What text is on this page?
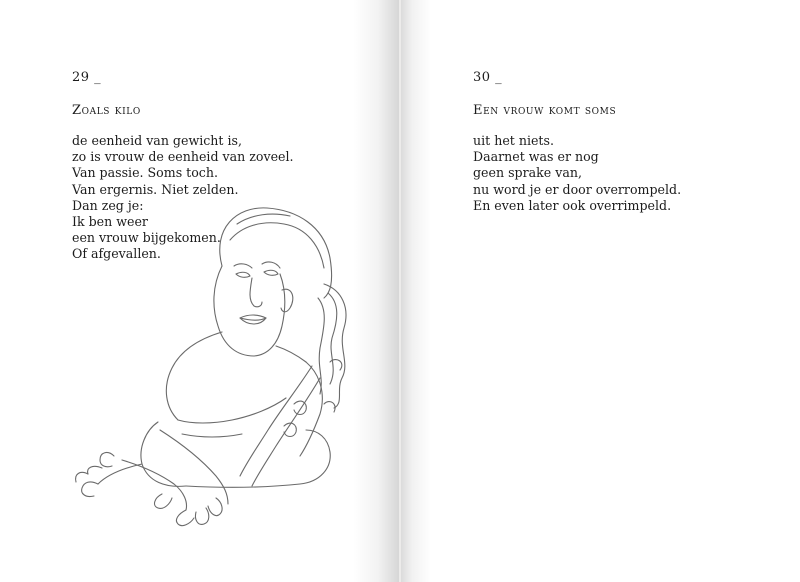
29 _
Zoals kilo
de eenheid van gewicht is,
zo is vrouw de eenheid van zoveel.
Van passie. Soms toch.
Van ergernis. Niet zelden.
Dan zeg je:
Ik ben weer
een vrouw bijgekomen.
Of afgevallen.
30 _
Een vrouw komt soms
uit het niets.
Daarnet was er nog
geen sprake van,
nu word je er door overrompeld.
En even later ook overrimpeld.
